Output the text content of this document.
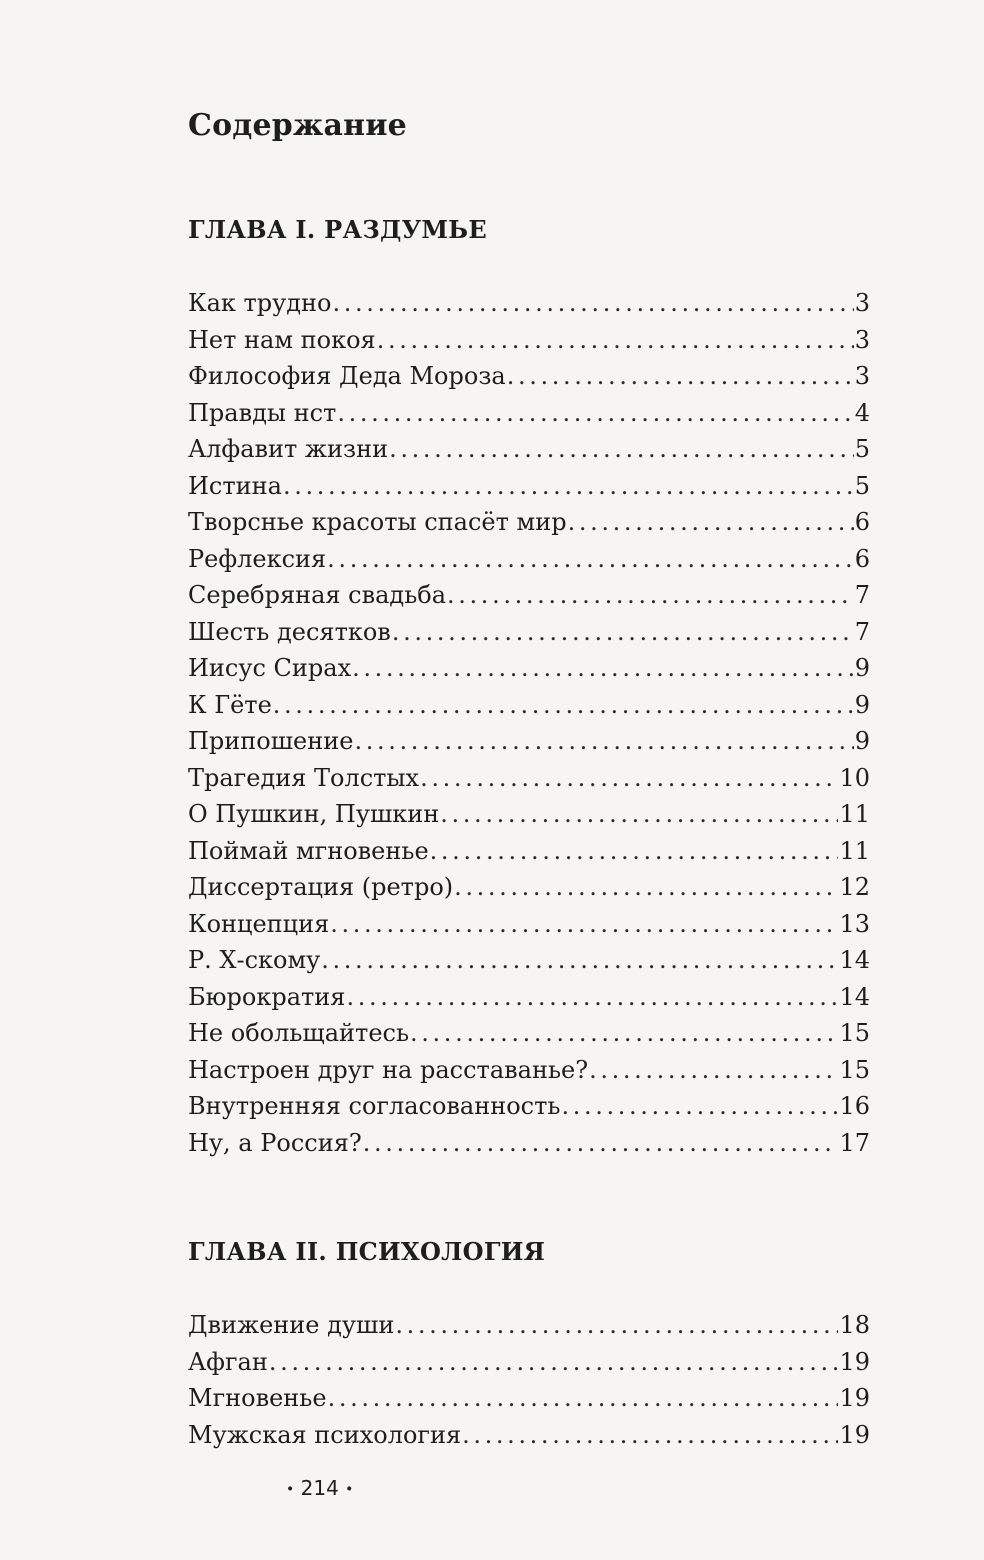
Содержание
ГЛАВА I. РАЗДУМЬЕ
Как трудно . . .	3
Нет нам покоя . . .	3
Философия Деда Мороза . . .	3
Правды нст . . .	4
Алфавит жизни . . .	5
Истина . . .	5
Творснье красоты спасёт мир . . .	6
Рефлексия . . .	6
Серебряная свадьба . . .	7
Шесть десятков . . .	7
Иисус Сирах . . .	9
К Гёте . . .	9
Припошение . . .	9
Трагедия Толстых . . .	10
О Пушкин, Пушкин . . .	11
Поймай мгновенье . . .	11
Диссертация (ретро) . . .	12
Концепция . . .	13
Р. Х-скому . . .	14
Бюрократия . . .	14
Не обольщайтесь . . .	15
Настроен друг на расставанье? . . .	15
Внутренняя согласованность . . .	16
Ну, а Россия? . . .	17
ГЛАВА II. ПСИХОЛОГИЯ
Движение души . . .	18
Афган . . .	19
Мгновенье . . .	19
Мужская психология . . .	19
• 214 •
